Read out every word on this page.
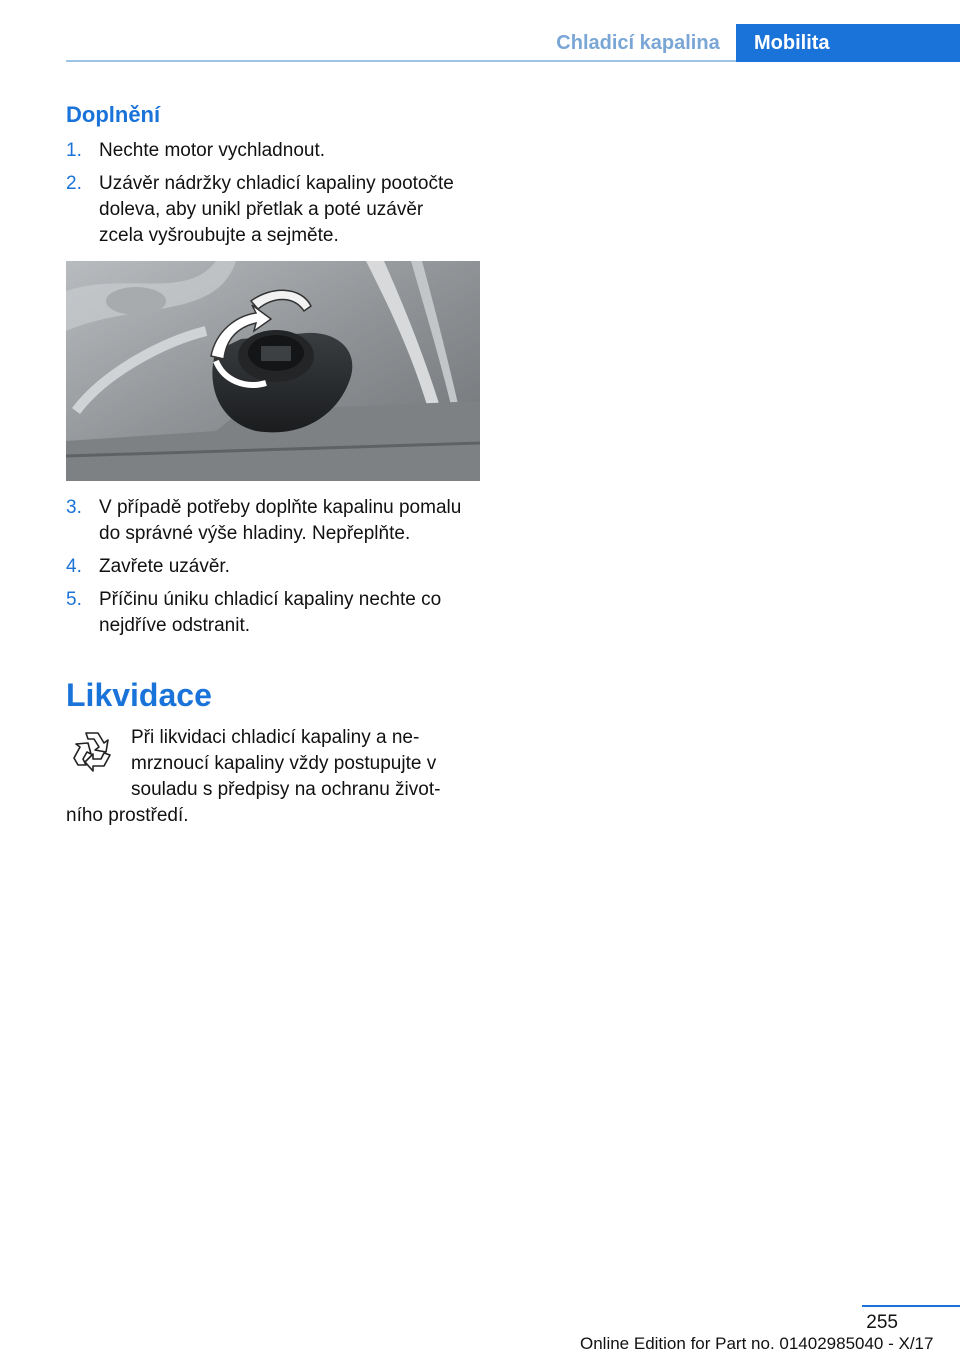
Chladicí kapalina	Mobilita
Doplnění
1. Nechte motor vychladnout.
2. Uzávěr nádržky chladicí kapaliny pootočte
doleva, aby unikl přetlak a poté uzávěr
zcela vyšroubujte a sejměte.
3. V případě potřeby doplňte kapalinu pomalu
do správné výše hladiny. Nepřeplňte.
4. Zavřete uzávěr.
5. Příčinu úniku chladicí kapaliny nechte co
nejdříve odstranit.
Likvidace
Při likvidaci chladicí kapaliny a ne-
mrznoucí kapaliny vždy postupujte v
souladu s předpisy na ochranu život-
ního prostředí.
255
Online Edition for Part no. 01402985040 - X/17
